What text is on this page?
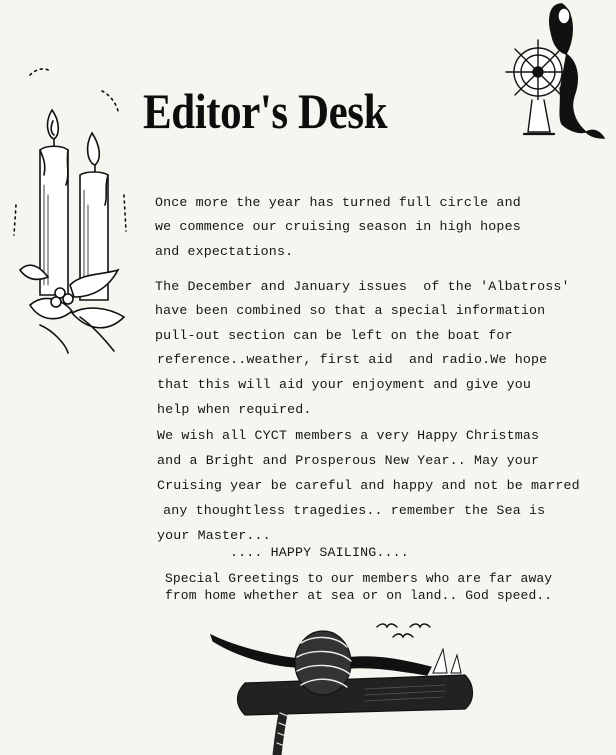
Editor's Desk
Once more the year has turned full circle and
we commence our cruising season in high hopes
and expectations.
The December and January issues  of the 'Albatross'
have been combined so that a special information
pull-out section can be left on the boat for
reference..weather, first aid  and radio.We hope
that this will aid your enjoyment and give you
help when required.
We wish all CYCT members a very Happy Christmas
and a Bright and Prosperous New Year.. May your
Cruising year be careful and happy and not be marred
any thoughtless tragedies.. remember the Sea is
your Master...
.... HAPPY SAILING....
Special Greetings to our members who are far away
from home whether at sea or on land.. God speed..
